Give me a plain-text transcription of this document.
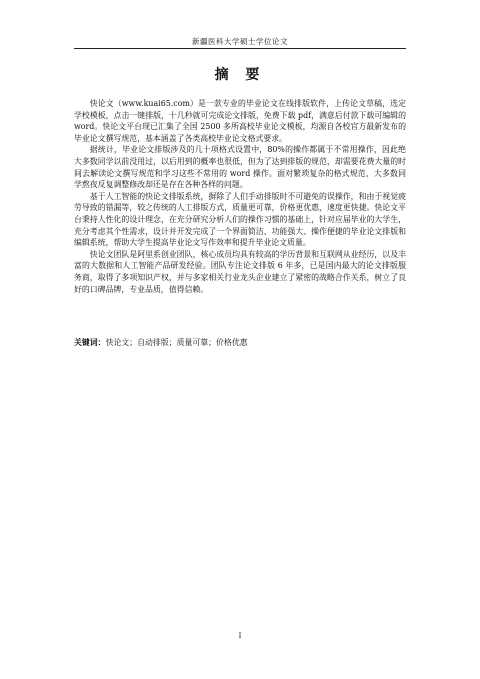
新疆医科大学硕士学位论文
摘 要

快论文（www.kuai65.com）是一款专业的毕业论文在线排版软件，上传论文草稿，选定学校模板，点击一键排版，十几秒就可完成论文排版，免费下载 pdf，满意后付款下载可编辑的 word。快论文平台现已汇集了全国 2500 多所高校毕业论文模板，均源自各校官方最新发布的毕业论文撰写规范，基本涵盖了各类高校毕业论文格式要求。

据统计，毕业论文排版涉及的几十项格式设置中，80%的操作都属于不常用操作，因此绝大多数同学以前没用过，以后用到的概率也很低，但为了达到排版的规范，却需要花费大量的时间去解读论文撰写规范和学习这些不常用的 word 操作。面对繁琐复杂的格式规范，大多数同学熬夜反复调整修改却还是存在各种各样的问题。

基于人工智能的快论文排版系统，摒除了人们手动排版时不可避免的误操作，和由于视觉疲劳导致的错漏等，较之传统的人工排版方式，质量更可靠，价格更优惠，速度更快捷。快论文平台秉持人性化的设计理念，在充分研究分析人们的操作习惯的基础上，针对应届毕业的大学生，充分考虑其个性需求，设计并开发完成了一个界面简洁、功能强大、操作便捷的毕业论文排版和编辑系统，帮助大学生提高毕业论文写作效率和提升毕业论文质量。

快论文团队是阿里系创业团队，核心成员均具有较高的学历背景和互联网从业经历，以及丰富的大数据和人工智能产品研发经验。团队专注论文排版 6 年多，已是国内最大的论文排版服务商，取得了多项知识产权，并与多家相关行业龙头企业建立了紧密的战略合作关系，树立了良好的口碑品牌，专业品质，值得信赖。

关键词：快论文；自动排版；质量可靠；价格优惠
I
